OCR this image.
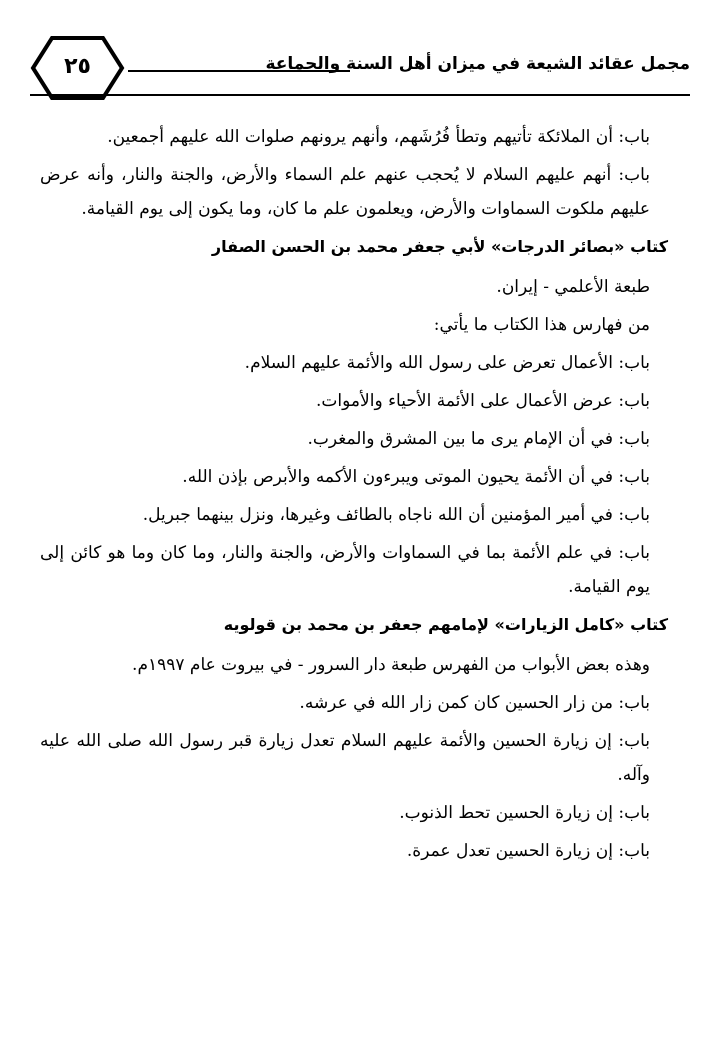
٢٥	مجمل عقائد الشيعة في ميزان أهل السنة والجماعة
باب: أن الملائكة تأتيهم وتطأ فُرُشَهم، وأنهم يرونهم صلوات الله عليهم أجمعين.
باب: أنهم عليهم السلام لا يُحجب عنهم علم السماء والأرض، والجنة والنار، وأنه عرض عليهم ملكوت السماوات والأرض، ويعلمون علم ما كان، وما يكون إلى يوم القيامة.
كتاب «بصائر الدرجات» لأبي جعفر محمد بن الحسن الصفار
طبعة الأعلمي - إيران.
من فهارس هذا الكتاب ما يأتي:
باب: الأعمال تعرض على رسول الله والأئمة عليهم السلام.
باب: عرض الأعمال على الأئمة الأحياء والأموات.
باب: في أن الإمام يرى ما بين المشرق والمغرب.
باب: في أن الأئمة يحيون الموتى ويبرءون الأكمه والأبرص بإذن الله.
باب: في أمير المؤمنين أن الله ناجاه بالطائف وغيرها، ونزل بينهما جبريل.
باب: في علم الأئمة بما في السماوات والأرض، والجنة والنار، وما كان وما هو كائن إلى يوم القيامة.
كتاب «كامل الزيارات» لإمامهم جعفر بن محمد بن قولويه
وهذه بعض الأبواب من الفهرس طبعة دار السرور - في بيروت عام ١٩٩٧م.
باب: من زار الحسين كان كمن زار الله في عرشه.
باب: إن زيارة الحسين والأئمة عليهم السلام تعدل زيارة قبر رسول الله صلى الله عليه وآله.
باب: إن زيارة الحسين تحط الذنوب.
باب: إن زيارة الحسين تعدل عمرة.
